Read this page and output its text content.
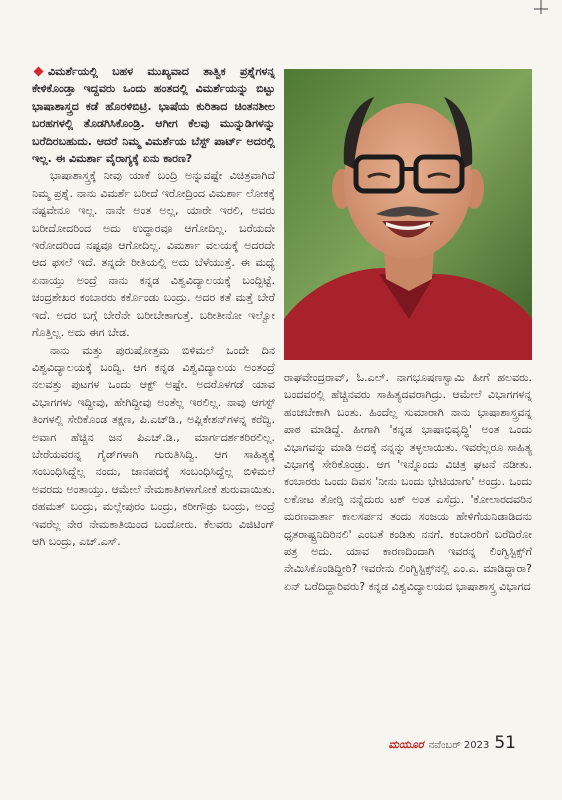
ವಿಮರ್ಶೆಯಲ್ಲಿ ಬಹಳ ಮುಖ್ಯವಾದ ತಾತ್ವಿಕ ಪ್ರಶ್ನೆಗಳನ್ನ ಕೇಳಿಕೊಂಡ್ತಾ ಇದ್ದವರು ಒಂದು ಹಂತದಲ್ಲಿ ವಿಮರ್ಶೆಯನ್ನು ಬಿಟ್ಟು ಭಾಷಾಶಾಸ್ತ್ರದ ಕಡೆ ಹೊರಳಿಬಿಟ್ರಿ. ಭಾಷೆಯ ಕುರಿತಾದ ಚಿಂತನಶೀಲ ಬರಹಗಳಲ್ಲಿ ತೊಡಗಿಸಿಕೊಂಡ್ರಿ. ಆಗೀಗ ಕೆಲವು ಮುನ್ನುಡಿಗಳನ್ನು ಬರೆದಿರಬಹುದು. ಆದರೆ ನಿಮ್ಮ ವಿಮರ್ಶೆಯ ಬೆಸ್ಟ್ ಪಾರ್ಟ್ ಅದರಲ್ಲಿ ಇಲ್ಲ. ಈ ವಿಮರ್ಶಾ ವೈರಾಗ್ಯಕ್ಕೆ ಏನು ಕಾರಣ?

ಭಾಷಾಶಾಸ್ತ್ರಕ್ಕೆ ನೀವು ಯಾಕೆ ಬಂದ್ರಿ ಅನ್ನುವಷ್ಟೇ ವಿಚಿತ್ರವಾಗಿದೆ ನಿಮ್ಮ ಪ್ರಶ್ನೆ. ನಾನು ವಿಮರ್ಶೆ ಬರೀದೆ ಇರೋದ್ರಿಂದ ವಿಮರ್ಶಾ ಲೋಕಕ್ಕೆ ನಷ್ಟವೇನೂ ಇಲ್ಲ. ನಾನೇ ಅಂತ ಅಲ್ಲ, ಯಾರೇ ಇರಲಿ, ಅವರು ಬರೀದೋದರಿಂದ ಅದು ಉದ್ಧಾರವೂ ಆಗೋದಿಲ್ಲ. ಬರೆಯದೇ ಇರೋದರಿಂದ ನಷ್ಟವೂ ಆಗೋದಿಲ್ಲ. ವಿಮರ್ಶಾ ವಲಯಕ್ಕೆ ಅದರದೇ ಆದ ಫಸಲೆ ಇದೆ. ತನ್ನದೇ ರೀತಿಯಲ್ಲಿ ಅದು ಬೆಳೆಯುತ್ತೆ. ಈ ಮಧ್ಯೆ ಏನಾಯ್ತು ಅಂದ್ರೆ ನಾನು ಕನ್ನಡ ವಿಶ್ವವಿದ್ಯಾಲಯಕ್ಕೆ ಬಂದ್ಬಿಟ್ಟೆ. ಚಂದ್ರಶೇಖರ ಕಂಬಾರರು ಕರ್ಕೊಂಡು ಬಂದ್ರು. ಅದರ ಕತೆ ಮತ್ತೆ ಬೇರೆ ಇದೆ. ಅದರ ಬಗ್ಗೆ ಬೇರೆನೇ ಬರೀಬೇಕಾಗುತ್ತೆ. ಬರೀತೀನೋ ಇಲ್ವೋ ಗೊತ್ತಿಲ್ಲ. ಅದು ಈಗ ಬೇಡ.

ನಾನು ಮತ್ತು ಪುರುಷೋತ್ತಮ ಬಿಳಿಮಲೆ ಒಂದೇ ದಿನ ವಿಶ್ವವಿದ್ಯಾಲಯಕ್ಕೆ ಬಂದ್ವಿ. ಆಗ ಕನ್ನಡ ವಿಶ್ವವಿದ್ಯಾಲಯ ಅಂತಂದ್ರೆ ನಲವತ್ತು ಪುಟಗಳ ಒಂದು ಆಕ್ಟ್ ಅಷ್ಟೇ. ಅದರೊಳಗಡೆ ಯಾವ ವಿಭಾಗಗಳು ಇದ್ದೀವು, ಹೇಗಿದ್ದೀವು ಅಂತೆಲ್ಲ ಇರಲಿಲ್ಲ. ನಾವು ಆಗಸ್ಟ್ ತಿಂಗಳಲ್ಲಿ ಸೇರಿಕೊಂಡ ತಕ್ಷಣ, ಪಿ.ಎಚ್‌ಡಿ., ಅಪ್ಲಿಕೇಶನ್‌ಗಳನ್ನ ಕರೆದ್ವಿ. ಅವಾಗ ಹೆಚ್ಚಿನ ಜನ ಪಿಎಚ್.ಡಿ., ಮಾರ್ಗದರ್ಶಕರಿರಲಿಲ್ಲ. ಬೇರೆಯವರನ್ನ ಗೈಡ್‌ಗಳಾಗಿ ಗುರುತಿಸಿದ್ವಿ. ಆಗ ಸಾಹಿತ್ಯಕ್ಕೆ ಸಂಬಂಧಿಸಿದ್ದೆಲ್ಲ ನಂದು, ಜಾನಪದಕ್ಕೆ ಸಂಬಂಧಿಸಿದ್ದೆಲ್ಲ ಬಿಳಿಮಲೆ ಅವರದು ಅಂತಾಯ್ತು. ಆಮೇಲೆ ನೇಮಕಾತಿಗಳಾಗೋಕೆ ಶುರುವಾಯಿತು. ರಹಮತ್ ಬಂದ್ರು, ಮಲ್ಲೇಪುರಂ ಬಂದ್ರು, ಕರೀಗೌಡ್ರು ಬಂದ್ರು, ಅಂದ್ರೆ ಇವರೆಲ್ಲ ನೇರ ನೇಮಕಾತಿಯಿಂದ ಬಂದೋರು. ಕೆಲವರು ವಿಜಿಟಿಂಗ್ ಆಗಿ ಬಂದ್ರು, ಎಚ್.ಎಸ್.

ರಾಘವೇಂದ್ರರಾವ್, ಓ.ಎಲ್. ನಾಗಭೂಷಣಸ್ವಾಮಿ ಹೀಗೆ ಹಲವರು. ಬಂದವರಲ್ಲಿ ಹೆಚ್ಚಿನವರು ಸಾಹಿತ್ಯದವರಾಗಿದ್ರು. ಆಮೇಲೆ ವಿಭಾಗಗಳನ್ನ ಹಂಚಬೇಕಾಗಿ ಬಂತು. ಹಿಂದೆಲ್ಲ ಸುಮಾರಾಗಿ ನಾನು ಭಾಷಾಶಾಸ್ತ್ರವನ್ನ ಪಾಠ ಮಾಡಿದ್ದೆ. ಹೀಗಾಗಿ 'ಕನ್ನಡ ಭಾಷಾಭಿವೃದ್ಧಿ' ಅಂತ ಒಂದು ವಿಭಾಗವನ್ನು ಮಾಡಿ ಅದಕ್ಕೆ ನನ್ನನ್ನು ತಳ್ಳಲಾಯಿತು. ಇವರೆಲ್ಲರೂ ಸಾಹಿತ್ಯ ವಿಭಾಗಕ್ಕೆ ಸೇರಿಕೊಂಡ್ರು. ಆಗ 'ಇನ್ನೊಂದು ವಿಚಿತ್ರ ಘಟನೆ ನಡೀತು. ಕಂಬಾರರು ಒಂದು ದಿವಸ 'ನೀನು ಬಂದು ಭೇಟಿಯಾಗು' ಅಂದ್ರು. ಒಂದು ಲಕೋಟ ತೋರ್‍ಸಿ ನನ್ನೆದುರು ಟಕ್ ಅಂತ ಎಸೆದ್ರು. 'ಕೋಲಾರದವರಿನ ಮರಣವಾರ್ತಾ ಕಾಲಸರ್ಪನ ತಂದು ಸಂಜಯ ಹೇಳಿಗೆಯನಿಡಾಡಿದನು ಧೃತರಾಷ್ಟ್ರನಿದಿರಿನಲಿ' ಎಂಬತೆ ಕಂಡಿತು ನನಗೆ. ಕಂಬಾರರಿಗೆ ಬರೆದಿರೋ ಪತ್ರ ಅದು. ಯಾವ ಕಾರಣದಿಂದಾಗಿ ಇವರನ್ನ ಲಿಂಗ್ವಿಸ್ಟಿಕ್ಸ್‌ಗೆ ನೇಮಿಸಿಕೊಂಡಿದ್ದೀರಿ? ಇವರೇನು ಲಿಂಗ್ವಿಸ್ಟಿಕ್ಸ್‌ನಲ್ಲಿ ಎಂ.ಎ. ಮಾಡಿದ್ದಾರಾ? ಏನ್ ಬರೆದಿದ್ದಾರಿವರು? ಕನ್ನಡ ವಿಶ್ವವಿದ್ಯಾಲಯದ ಭಾಷಾಶಾಸ್ತ್ರ ವಿಭಾಗದ

ಮಯೂರ ನವೆಂಬರ್ 2023 51
